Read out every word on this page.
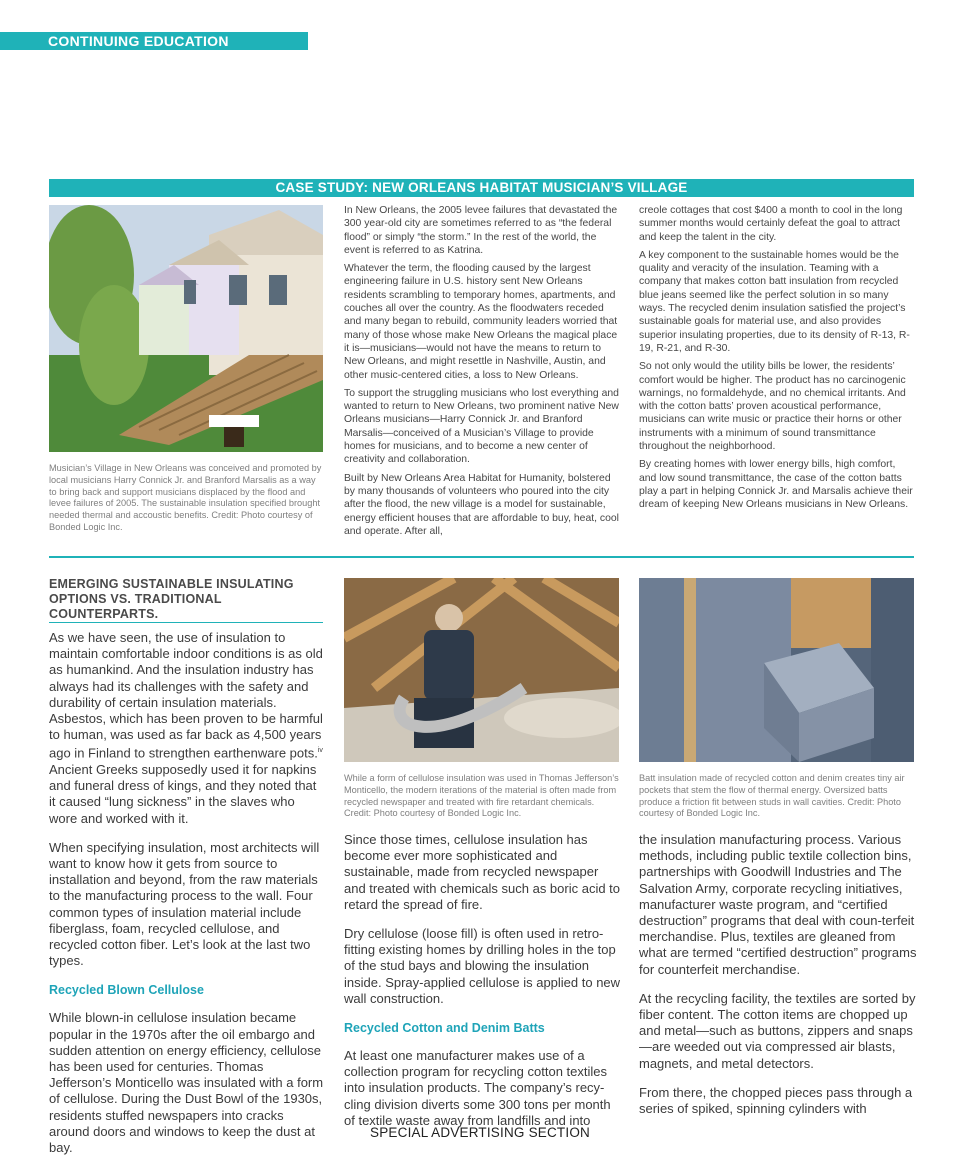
CONTINUING EDUCATION
CASE STUDY: NEW ORLEANS HABITAT MUSICIAN’S VILLAGE
Musician’s Village in New Orleans was conceived and promoted by local musicians Harry Connick Jr. and Branford Marsalis as a way to bring back and support musicians displaced by the flood and levee failures of 2005. The sustainable insulation specified brought needed thermal and accoustic benefits. Credit: Photo courtesy of Bonded Logic Inc.

In New Orleans, the 2005 levee failures that devastated the 300 year-old city are sometimes referred to as “the federal flood” or simply “the storm.” In the rest of the world, the event is referred to as Katrina.

Whatever the term, the flooding caused by the largest engineering failure in U.S. history sent New Orleans residents scrambling to temporary homes, apartments, and couches all over the country. As the floodwaters receded and many began to rebuild, community leaders worried that many of those whose make New Orleans the magical place it is—musicians—would not have the means to return to New Orleans, and might resettle in Nashville, Austin, and other music-centered cities, a loss to New Orleans.

To support the struggling musicians who lost everything and wanted to return to New Orleans, two prominent native New Orleans musicians—Harry Connick Jr. and Branford Marsalis—conceived of a Musician’s Village to provide homes for musicians, and to become a new center of creativity and collaboration.

Built by New Orleans Area Habitat for Humanity, bolstered by many thousands of volunteers who poured into the city after the flood, the new village is a model for sustainable, energy efficient houses that are affordable to buy, heat, cool and operate. After all,

creole cottages that cost $400 a month to cool in the long summer months would certainly defeat the goal to attract and keep the talent in the city.

A key component to the sustainable homes would be the quality and veracity of the insulation. Teaming with a company that makes cotton batt insulation from recycled blue jeans seemed like the perfect solution in so many ways. The recycled denim insulation satisfied the project’s sustainable goals for material use, and also provides superior insulating properties, due to its density of R-13, R-19, R-21, and R-30.

So not only would the utility bills be lower, the residents’ comfort would be higher. The product has no carcinogenic warnings, no formaldehyde, and no chemical irritants. And with the cotton batts’ proven acoustical performance, musicians can write music or practice their horns or other instruments with a minimum of sound transmittance throughout the neighborhood.

By creating homes with lower energy bills, high comfort, and low sound transmittance, the case of the cotton batts play a part in helping Connick Jr. and Marsalis achieve their dream of keeping New Orleans musicians in New Orleans.

EMERGING SUSTAINABLE INSULATING OPTIONS VS. TRADITIONAL COUNTERPARTS.

As we have seen, the use of insulation to maintain comfortable indoor conditions is as old as humankind. And the insulation industry has always had its challenges with the safety and durability of certain insulation materials. Asbestos, which has been proven to be harmful to human, was used as far back as 4,500 years ago in Finland to strengthen earthenware pots.$^{iv}$ Ancient Greeks supposedly used it for napkins and funeral dress of kings, and they noted that it caused “lung sickness” in the slaves who wore and worked with it.

When specifying insulation, most architects will want to know how it gets from source to installation and beyond, from the raw materials to the manufacturing process to the wall. Four common types of insulation material include fiberglass, foam, recycled cellulose, and recycled cotton fiber. Let’s look at the last two types.

Recycled Blown Cellulose

While blown-in cellulose insulation became popular in the 1970s after the oil embargo and sudden attention on energy efficiency, cellulose has been used for centuries. Thomas Jefferson’s Monticello was insulated with a form of cellulose. During the Dust Bowl of the 1930s, residents stuffed newspapers into cracks around doors and windows to keep the dust at bay.

While a form of cellulose insulation was used in Thomas Jefferson’s Monticello, the modern iterations of the material is often made from recycled newspaper and treated with fire retardant chemicals. Credit: Photo courtesy of Bonded Logic Inc.

Since those times, cellulose insulation has become ever more sophisticated and sustainable, made from recycled newspaper and treated with chemicals such as boric acid to retard the spread of fire.

Dry cellulose (loose fill) is often used in retro-fitting existing homes by drilling holes in the top of the stud bays and blowing the insulation inside. Spray-applied cellulose is applied to new wall construction.

Recycled Cotton and Denim Batts

At least one manufacturer makes use of a collection program for recycling cotton textiles into insulation products. The company’s recy-cling division diverts some 300 tons per month of textile waste away from landfills and into

Batt insulation made of recycled cotton and denim creates tiny air pockets that stem the flow of thermal energy. Oversized batts produce a friction fit between studs in wall cavities. Credit: Photo courtesy of Bonded Logic Inc.

the insulation manufacturing process. Various methods, including public textile collection bins, partnerships with Goodwill Industries and The Salvation Army, corporate recycling initiatives, manufacturer waste program, and “certified destruction” programs that deal with coun-terfeit merchandise. Plus, textiles are gleaned from what are termed “certified destruction” programs for counterfeit merchandise.

At the recycling facility, the textiles are sorted by fiber content. The cotton items are chopped up and metal—such as buttons, zippers and snaps—are weeded out via compressed air blasts, magnets, and metal detectors.

From there, the chopped pieces pass through a series of spiked, spinning cylinders with

SPECIAL ADVERTISING SECTION
